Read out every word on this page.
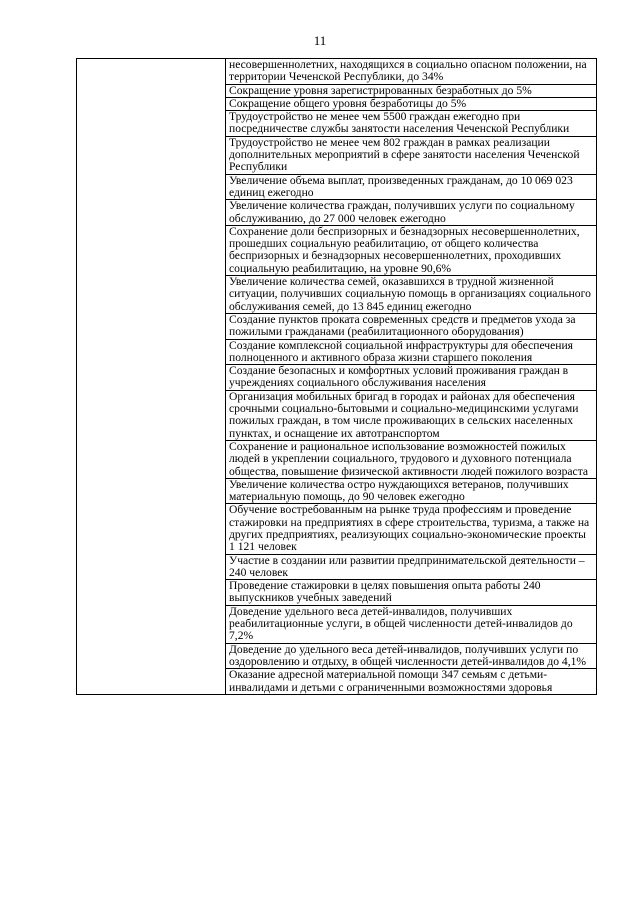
11

несовершеннолетних, находящихся в социально опасном положении, на территории Чеченской Республики, до 34%

Сокращение уровня зарегистрированных безработных до 5%

Сокращение общего уровня безработицы до 5%

Трудоустройство не менее чем 5500 граждан ежегодно при посредничестве службы занятости населения Чеченской Республики

Трудоустройство не менее чем 802 граждан в рамках реализации дополнительных мероприятий в сфере занятости населения Чеченской Республики

Увеличение объема выплат, произведенных гражданам, до 10 069 023 единиц ежегодно

Увеличение количества граждан, получивших услуги по социальному обслуживанию, до 27 000 человек ежегодно

Сохранение доли беспризорных и безнадзорных несовершеннолетних, прошедших социальную реабилитацию, от общего количества беспризорных и безнадзорных несовершеннолетних, проходивших социальную реабилитацию, на уровне 90,6%

Увеличение количества семей, оказавшихся в трудной жизненной ситуации, получивших социальную помощь в организациях социального обслуживания семей, до 13 845 единиц ежегодно

Создание пунктов проката современных средств и предметов ухода за пожилыми гражданами (реабилитационного оборудования)

Создание комплексной социальной инфраструктуры для обеспечения полноценного и активного образа жизни старшего поколения

Создание безопасных и комфортных условий проживания граждан в учреждениях социального обслуживания населения

Организация мобильных бригад в городах и районах для обеспечения срочными социально-бытовыми и социально-медицинскими услугами пожилых граждан, в том числе проживающих в сельских населенных пунктах, и оснащение их автотранспортом

Сохранение и рациональное использование возможностей пожилых людей в укреплении социального, трудового и духовного потенциала общества, повышение физической активности людей пожилого возраста

Увеличение количества остро нуждающихся ветеранов, получивших материальную помощь, до 90 человек ежегодно

Обучение востребованным на рынке труда профессиям и проведение стажировки на предприятиях в сфере строительства, туризма, а также на других предприятиях, реализующих социально-экономические проекты 1 121 человек

Участие в создании или развитии предпринимательской деятельности – 240 человек

Проведение стажировки в целях повышения опыта работы 240 выпускников учебных заведений

Доведение удельного веса детей-инвалидов, получивших реабилитационные услуги, в общей численности детей-инвалидов до 7,2%

Доведение до удельного веса детей-инвалидов, получивших услуги по оздоровлению и отдыху, в общей численности детей-инвалидов до 4,1%

Оказание адресной материальной помощи 347 семьям с детьми-инвалидами и детьми с ограниченными возможностями здоровья
